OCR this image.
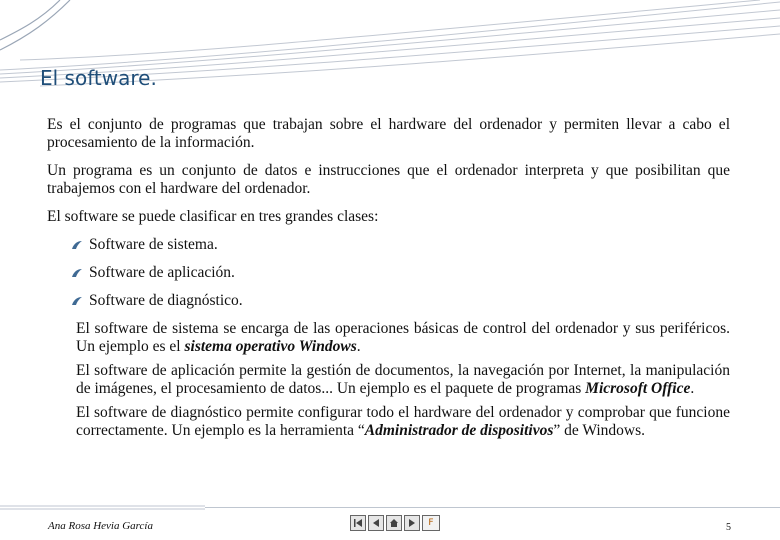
El software.

Es el conjunto de programas que trabajan sobre el hardware del ordenador y permiten llevar a cabo el procesamiento de la información.

Un programa es un conjunto de datos e instrucciones que el ordenador interpreta y que posibilitan que trabajemos con el hardware del ordenador.

El software se puede clasificar en tres grandes clases:

Software de sistema.
Software de aplicación.
Software de diagnóstico.

El software de sistema se encarga de las operaciones básicas de control del ordenador y sus periféricos. Un ejemplo es el sistema operativo Windows.

El software de aplicación permite la gestión de documentos, la navegación por Internet, la manipulación de imágenes, el procesamiento de datos... Un ejemplo es el paquete de programas Microsoft Office.

El software de diagnóstico permite configurar todo el hardware del ordenador y comprobar que funcione correctamente. Un ejemplo es la herramienta “Administrador de dispositivos” de Windows.

Ana Rosa Hevia García	F	5
